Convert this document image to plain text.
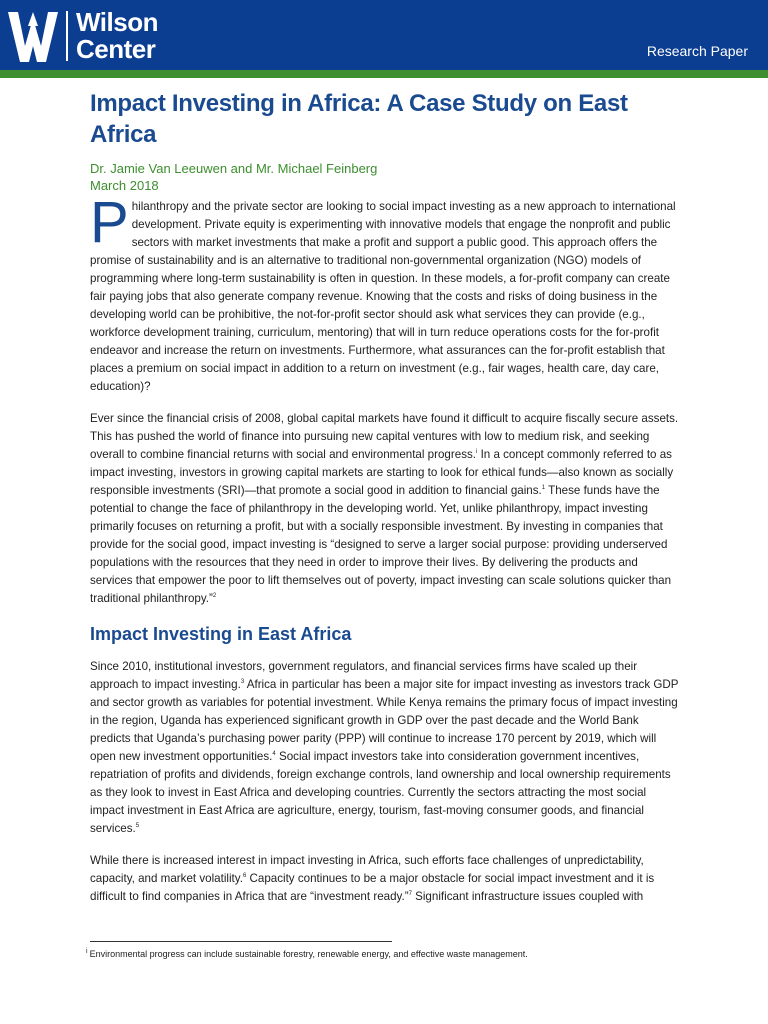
Wilson
Center	Research Paper
Impact Investing in Africa: A Case Study on East Africa

Dr. Jamie Van Leeuwen and Mr. Michael Feinberg

March 2018

Philanthropy and the private sector are looking to social impact investing as a new approach to international development. Private equity is experimenting with innovative models that engage the nonprofit and public sectors with market investments that make a profit and support a public good. This approach offers the promise of sustainability and is an alternative to traditional non-governmental organization (NGO) models of programming where long-term sustainability is often in question. In these models, a for-profit company can create fair paying jobs that also generate company revenue. Knowing that the costs and risks of doing business in the developing world can be prohibitive, the not-for-profit sector should ask what services they can provide (e.g., workforce development training, curriculum, mentoring) that will in turn reduce operations costs for the for-profit endeavor and increase the return on investments. Furthermore, what assurances can the for-profit establish that places a premium on social impact in addition to a return on investment (e.g., fair wages, health care, day care, education)?

Ever since the financial crisis of 2008, global capital markets have found it difficult to acquire fiscally secure assets. This has pushed the world of finance into pursuing new capital ventures with low to medium risk, and seeking overall to combine financial returns with social and environmental progress.$^i$ In a concept commonly referred to as impact investing, investors in growing capital markets are starting to look for ethical funds—also known as socially responsible investments (SRI)—that promote a social good in addition to financial gains.$^1$ These funds have the potential to change the face of philanthropy in the developing world. Yet, unlike philanthropy, impact investing primarily focuses on returning a profit, but with a socially responsible investment. By investing in companies that provide for the social good, impact investing is “designed to serve a larger social purpose: providing underserved populations with the resources that they need in order to improve their lives. By delivering the products and services that empower the poor to lift themselves out of poverty, impact investing can scale solutions quicker than traditional philanthropy.”$^2$

Impact Investing in East Africa

Since 2010, institutional investors, government regulators, and financial services firms have scaled up their approach to impact investing.$^3$ Africa in particular has been a major site for impact investing as investors track GDP and sector growth as variables for potential investment. While Kenya remains the primary focus of impact investing in the region, Uganda has experienced significant growth in GDP over the past decade and the World Bank predicts that Uganda’s purchasing power parity (PPP) will continue to increase 170 percent by 2019, which will open new investment opportunities.$^4$ Social impact investors take into consideration government incentives, repatriation of profits and dividends, foreign exchange controls, land ownership and local ownership requirements as they look to invest in East Africa and developing countries. Currently the sectors attracting the most social impact investment in East Africa are agriculture, energy, tourism, fast-moving consumer goods, and financial services.$^5$

While there is increased interest in impact investing in Africa, such efforts face challenges of unpredictability, capacity, and market volatility.$^6$ Capacity continues to be a major obstacle for social impact investment and it is difficult to find companies in Africa that are “investment ready.”$^7$ Significant infrastructure issues coupled with

$^i$ Environmental progress can include sustainable forestry, renewable energy, and effective waste management.
